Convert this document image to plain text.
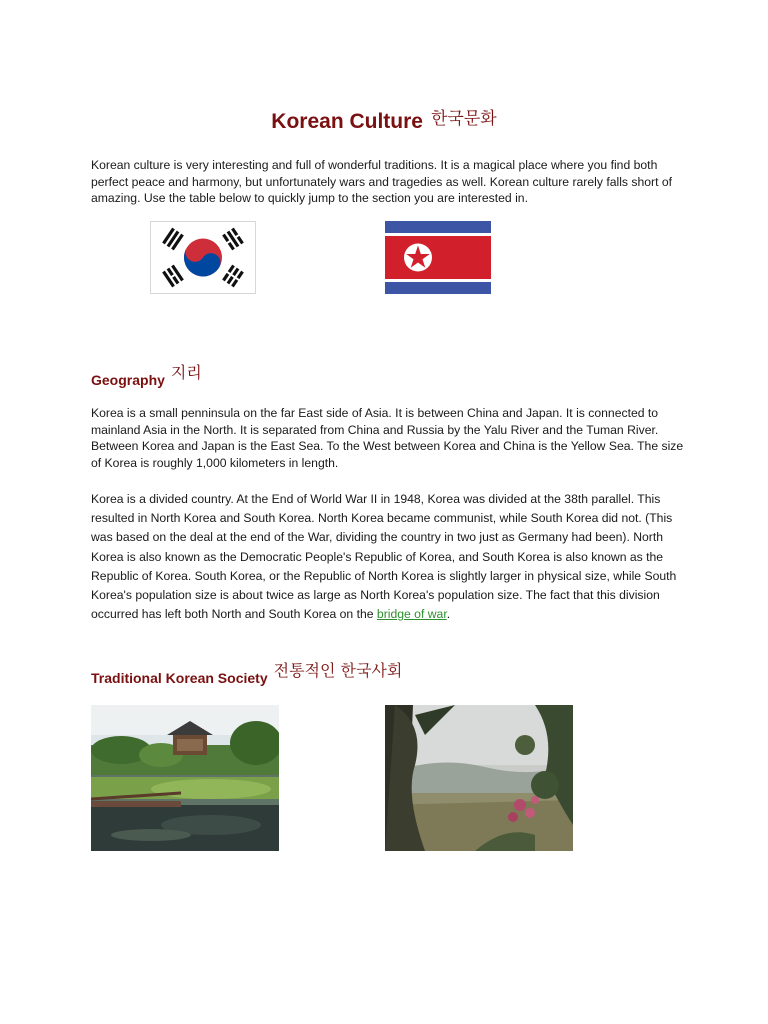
Korean Culture 한국문화

Korean culture is very interesting and full of wonderful traditions. It is a magical place where you find both perfect peace and harmony, but unfortunately wars and tragedies as well. Korean culture rarely falls short of amazing. Use the table below to quickly jump to the section you are interested in.

Geography 지리

Korea is a small penninsula on the far East side of Asia. It is between China and Japan. It is connected to mainland Asia in the North. It is separated from China and Russia by the Yalu River and the Tuman River. Between Korea and Japan is the East Sea. To the West between Korea and China is the Yellow Sea. The size of Korea is roughly 1,000 kilometers in length.

Korea is a divided country. At the End of World War II in 1948, Korea was divided at the 38th parallel. This resulted in North Korea and South Korea. North Korea became communist, while South Korea did not. (This was based on the deal at the end of the War, dividing the country in two just as Germany had been). North Korea is also known as the Democratic People's Republic of Korea, and South Korea is also known as the Republic of Korea. South Korea, or the Republic of North Korea is slightly larger in physical size, while South Korea's population size is about twice as large as North Korea's population size. The fact that this division occurred has left both North and South Korea on the bridge of war.

Traditional Korean Society 전통적인 한국사회
